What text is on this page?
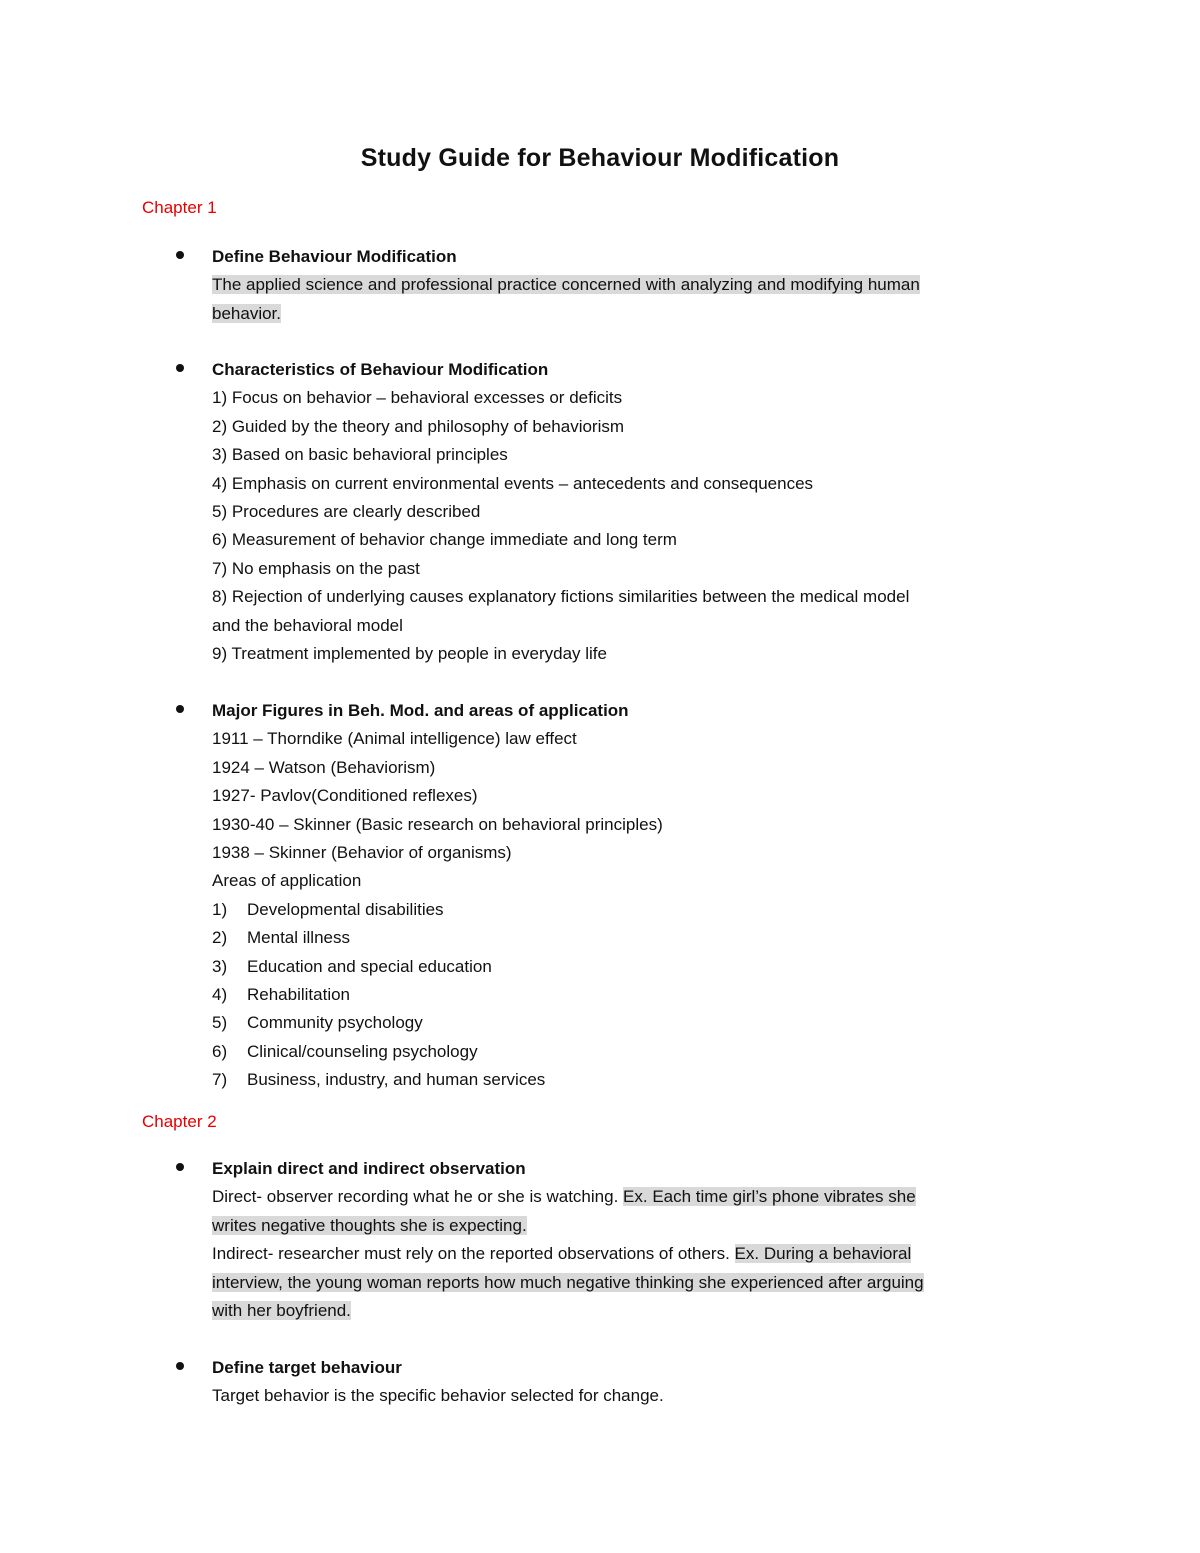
Study Guide for Behaviour Modification
Chapter 1
Define Behaviour Modification
The applied science and professional practice concerned with analyzing and modifying human
behavior.
Characteristics of Behaviour Modification
1) Focus on behavior – behavioral excesses or deficits
2) Guided by the theory and philosophy of behaviorism
3) Based on basic behavioral principles
4) Emphasis on current environmental events – antecedents and consequences
5) Procedures are clearly described
6) Measurement of behavior change immediate and long term
7) No emphasis on the past
8) Rejection of underlying causes explanatory fictions similarities between the medical model
and the behavioral model
9) Treatment implemented by people in everyday life
Major Figures in Beh. Mod. and areas of application
1911 – Thorndike (Animal intelligence) law effect
1924 – Watson (Behaviorism)
1927- Pavlov(Conditioned reflexes)
1930-40 – Skinner (Basic research on behavioral principles)
1938 – Skinner (Behavior of organisms)
Areas of application
1) Developmental disabilities
2) Mental illness
3) Education and special education
4) Rehabilitation
5) Community psychology
6) Clinical/counseling psychology
7) Business, industry, and human services
Chapter 2
Explain direct and indirect observation
Direct- observer recording what he or she is watching. Ex. Each time girl’s phone vibrates she
writes negative thoughts she is expecting.
Indirect- researcher must rely on the reported observations of others. Ex. During a behavioral
interview, the young woman reports how much negative thinking she experienced after arguing
with her boyfriend.
Define target behaviour
Target behavior is the specific behavior selected for change.
